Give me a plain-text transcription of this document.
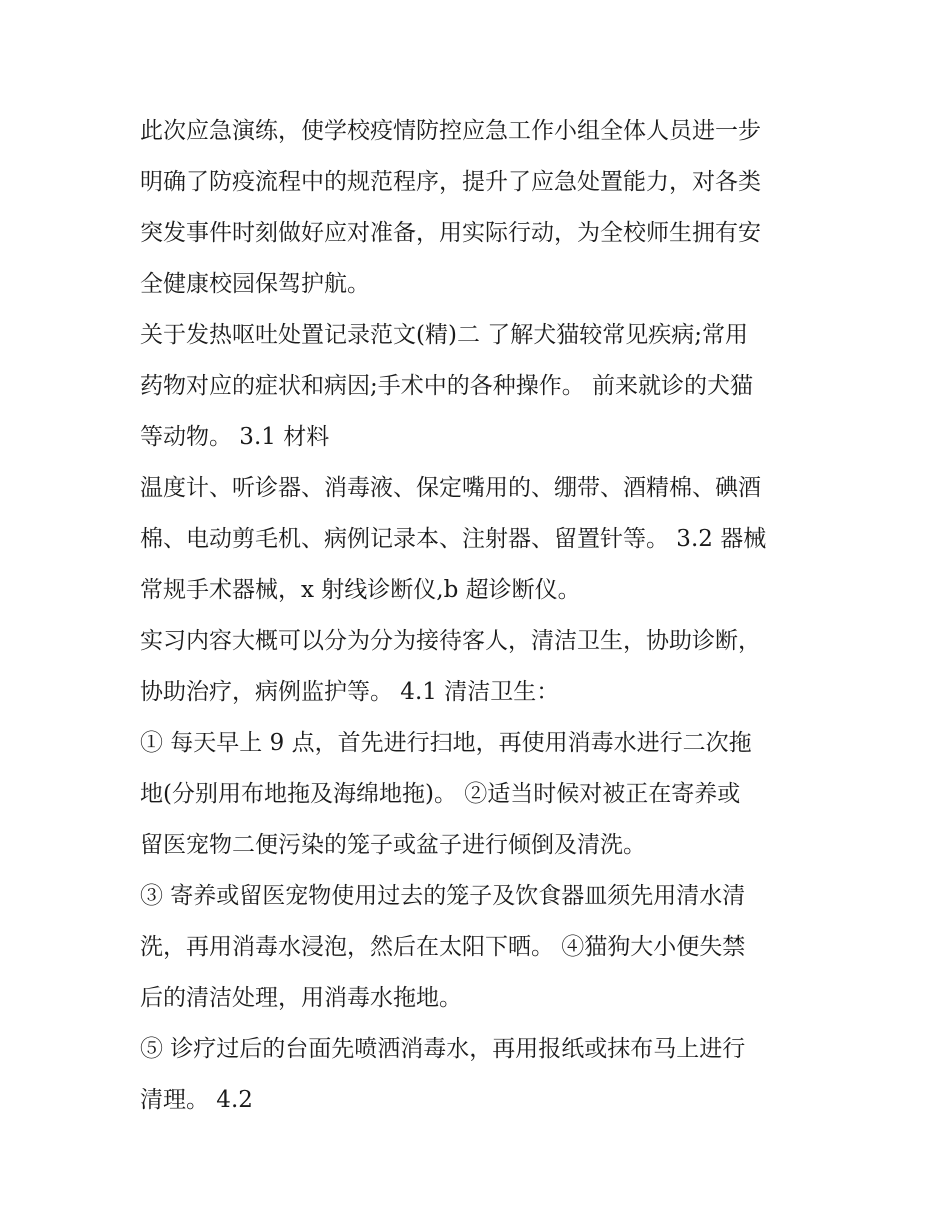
此次应急演练，使学校疫情防控应急工作小组全体人员进一步
明确了防疫流程中的规范程序，提升了应急处置能力，对各类
突发事件时刻做好应对准备，用实际行动，为全校师生拥有安
全健康校园保驾护航。
关于发热呕吐处置记录范文(精)二 了解犬猫较常见疾病;常用
药物对应的症状和病因;手术中的各种操作。 前来就诊的犬猫
等动物。 3.1 材料
温度计、听诊器、消毒液、保定嘴用的、绷带、酒精棉、碘酒
棉、电动剪毛机、病例记录本、注射器、留置针等。 3.2 器械
常规手术器械，x 射线诊断仪,b 超诊断仪。
实习内容大概可以分为分为接待客人，清洁卫生，协助诊断，
协助治疗，病例监护等。 4.1 清洁卫生：
① 每天早上 9 点，首先进行扫地，再使用消毒水进行二次拖
地(分别用布地拖及海绵地拖)。 ②适当时候对被正在寄养或
留医宠物二便污染的笼子或盆子进行倾倒及清洗。
③ 寄养或留医宠物使用过去的笼子及饮食器皿须先用清水清
洗，再用消毒水浸泡，然后在太阳下晒。 ④猫狗大小便失禁
后的清洁处理，用消毒水拖地。
⑤ 诊疗过后的台面先喷洒消毒水，再用报纸或抹布马上进行
清理。 4.2
